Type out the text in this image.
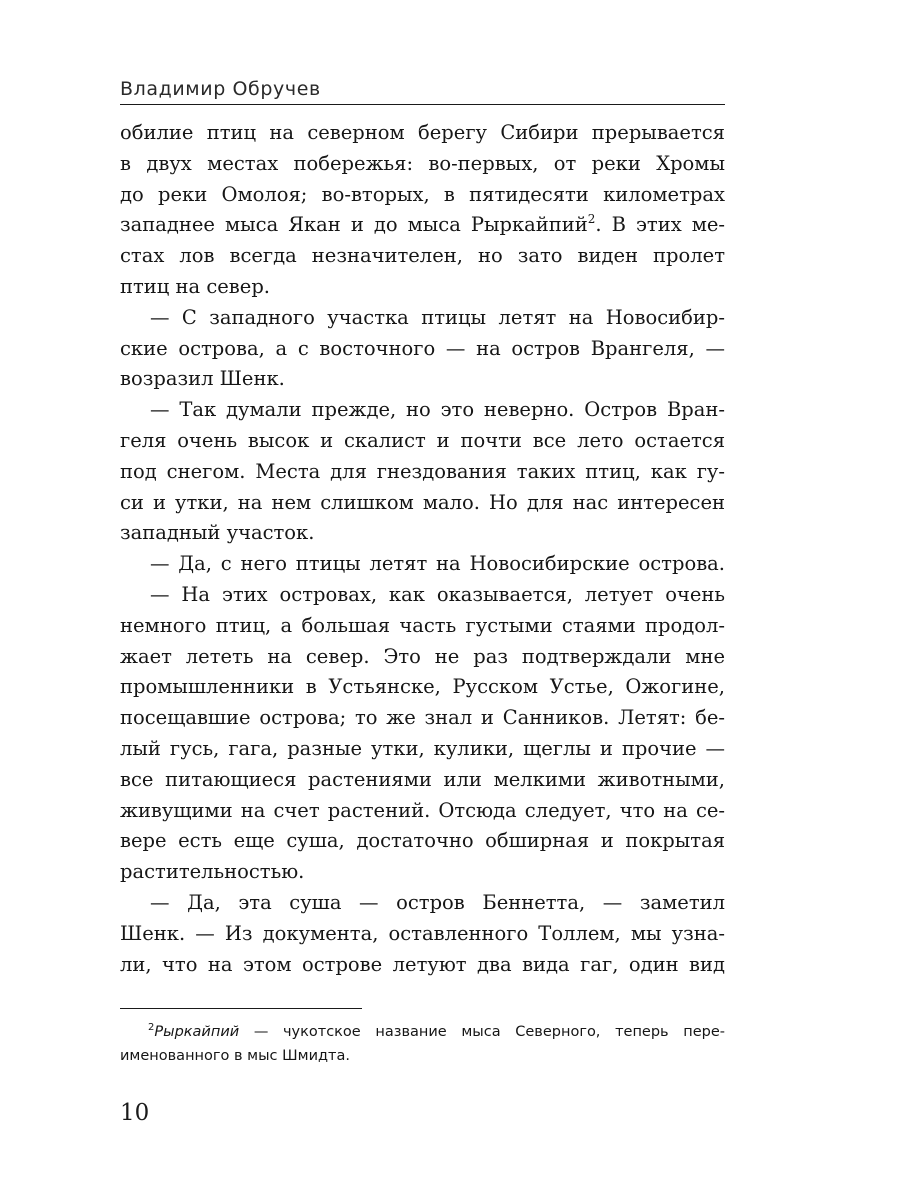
Владимир Обручев
обилие птиц на северном берегу Сибири прерывается
в двух местах побережья: во-первых, от реки Хромы
до реки Омолоя; во-вторых, в пятидесяти километрах
западнее мыса Якан и до мыса Рыркайпий$^2$. В этих ме-
стах лов всегда незначителен, но зато виден пролет
птиц на север.
— С западного участка птицы летят на Новосибир-
ские острова, а с восточного — на остров Врангеля, —
возразил Шенк.
— Так думали прежде, но это неверно. Остров Вран-
геля очень высок и скалист и почти все лето остается
под снегом. Места для гнездования таких птиц, как гу-
си и утки, на нем слишком мало. Но для нас интересен
западный участок.
— Да, с него птицы летят на Новосибирские острова.
— На этих островах, как оказывается, летует очень
немного птиц, а большая часть густыми стаями продол-
жает лететь на север. Это не раз подтверждали мне
промышленники в Устьянске, Русском Устье, Ожогине,
посещавшие острова; то же знал и Санников. Летят: бе-
лый гусь, гага, разные утки, кулики, щеглы и прочие —
все питающиеся растениями или мелкими животными,
живущими на счет растений. Отсюда следует, что на се-
вере есть еще суша, достаточно обширная и покрытая
растительностью.
— Да, эта суша — остров Беннетта, — заметил
Шенк. — Из документа, оставленного Толлем, мы узна-
ли, что на этом острове летуют два вида гаг, один вид
$^2$Рыркайпий — чукотское название мыса Северного, теперь пере-
именованного в мыс Шмидта.
10
